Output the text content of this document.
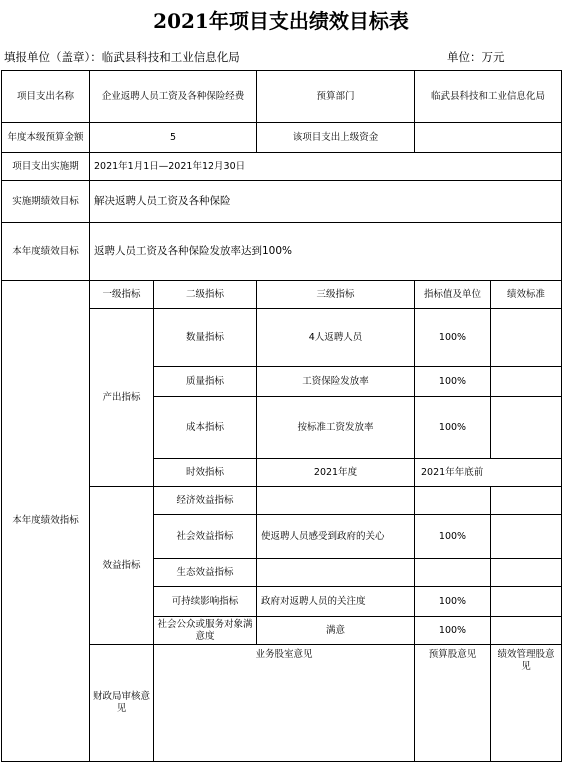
2021年项目支出绩效目标表
填报单位（盖章）：临武县科技和工业信息化局	单位：万元
项目支出名称	企业返聘人员工资及各种保险经费		预算部门	临武县科技和工业信息化局	
年度本级预算金额	5		该项目支出上级资金		
项目支出实施期	2021年1月1日—2021年12月30日				
实施期绩效目标	解决返聘人员工资及各种保险				
本年度绩效目标	返聘人员工资及各种保险发放率达到100%				
本年度绩效指标	一级指标	二级指标	三级指标	指标值及单位	绩效标准
	产出指标	数量指标	4人返聘人员	100%	
		质量指标	工资保险发放率	100%	
		成本指标	按标准工资发放率	100%	
		时效指标	2021年度	2021年年底前	
	效益指标	经济效益指标			
		社会效益指标	使返聘人员感受到政府的关心	100%	
		生态效益指标			
		可持续影响指标	政府对返聘人员的关注度	100%	
		社会公众或服务对象满意度	满意	100%	
	财政局审核意见	业务股室意见		预算股意见	绩效管理股意见
